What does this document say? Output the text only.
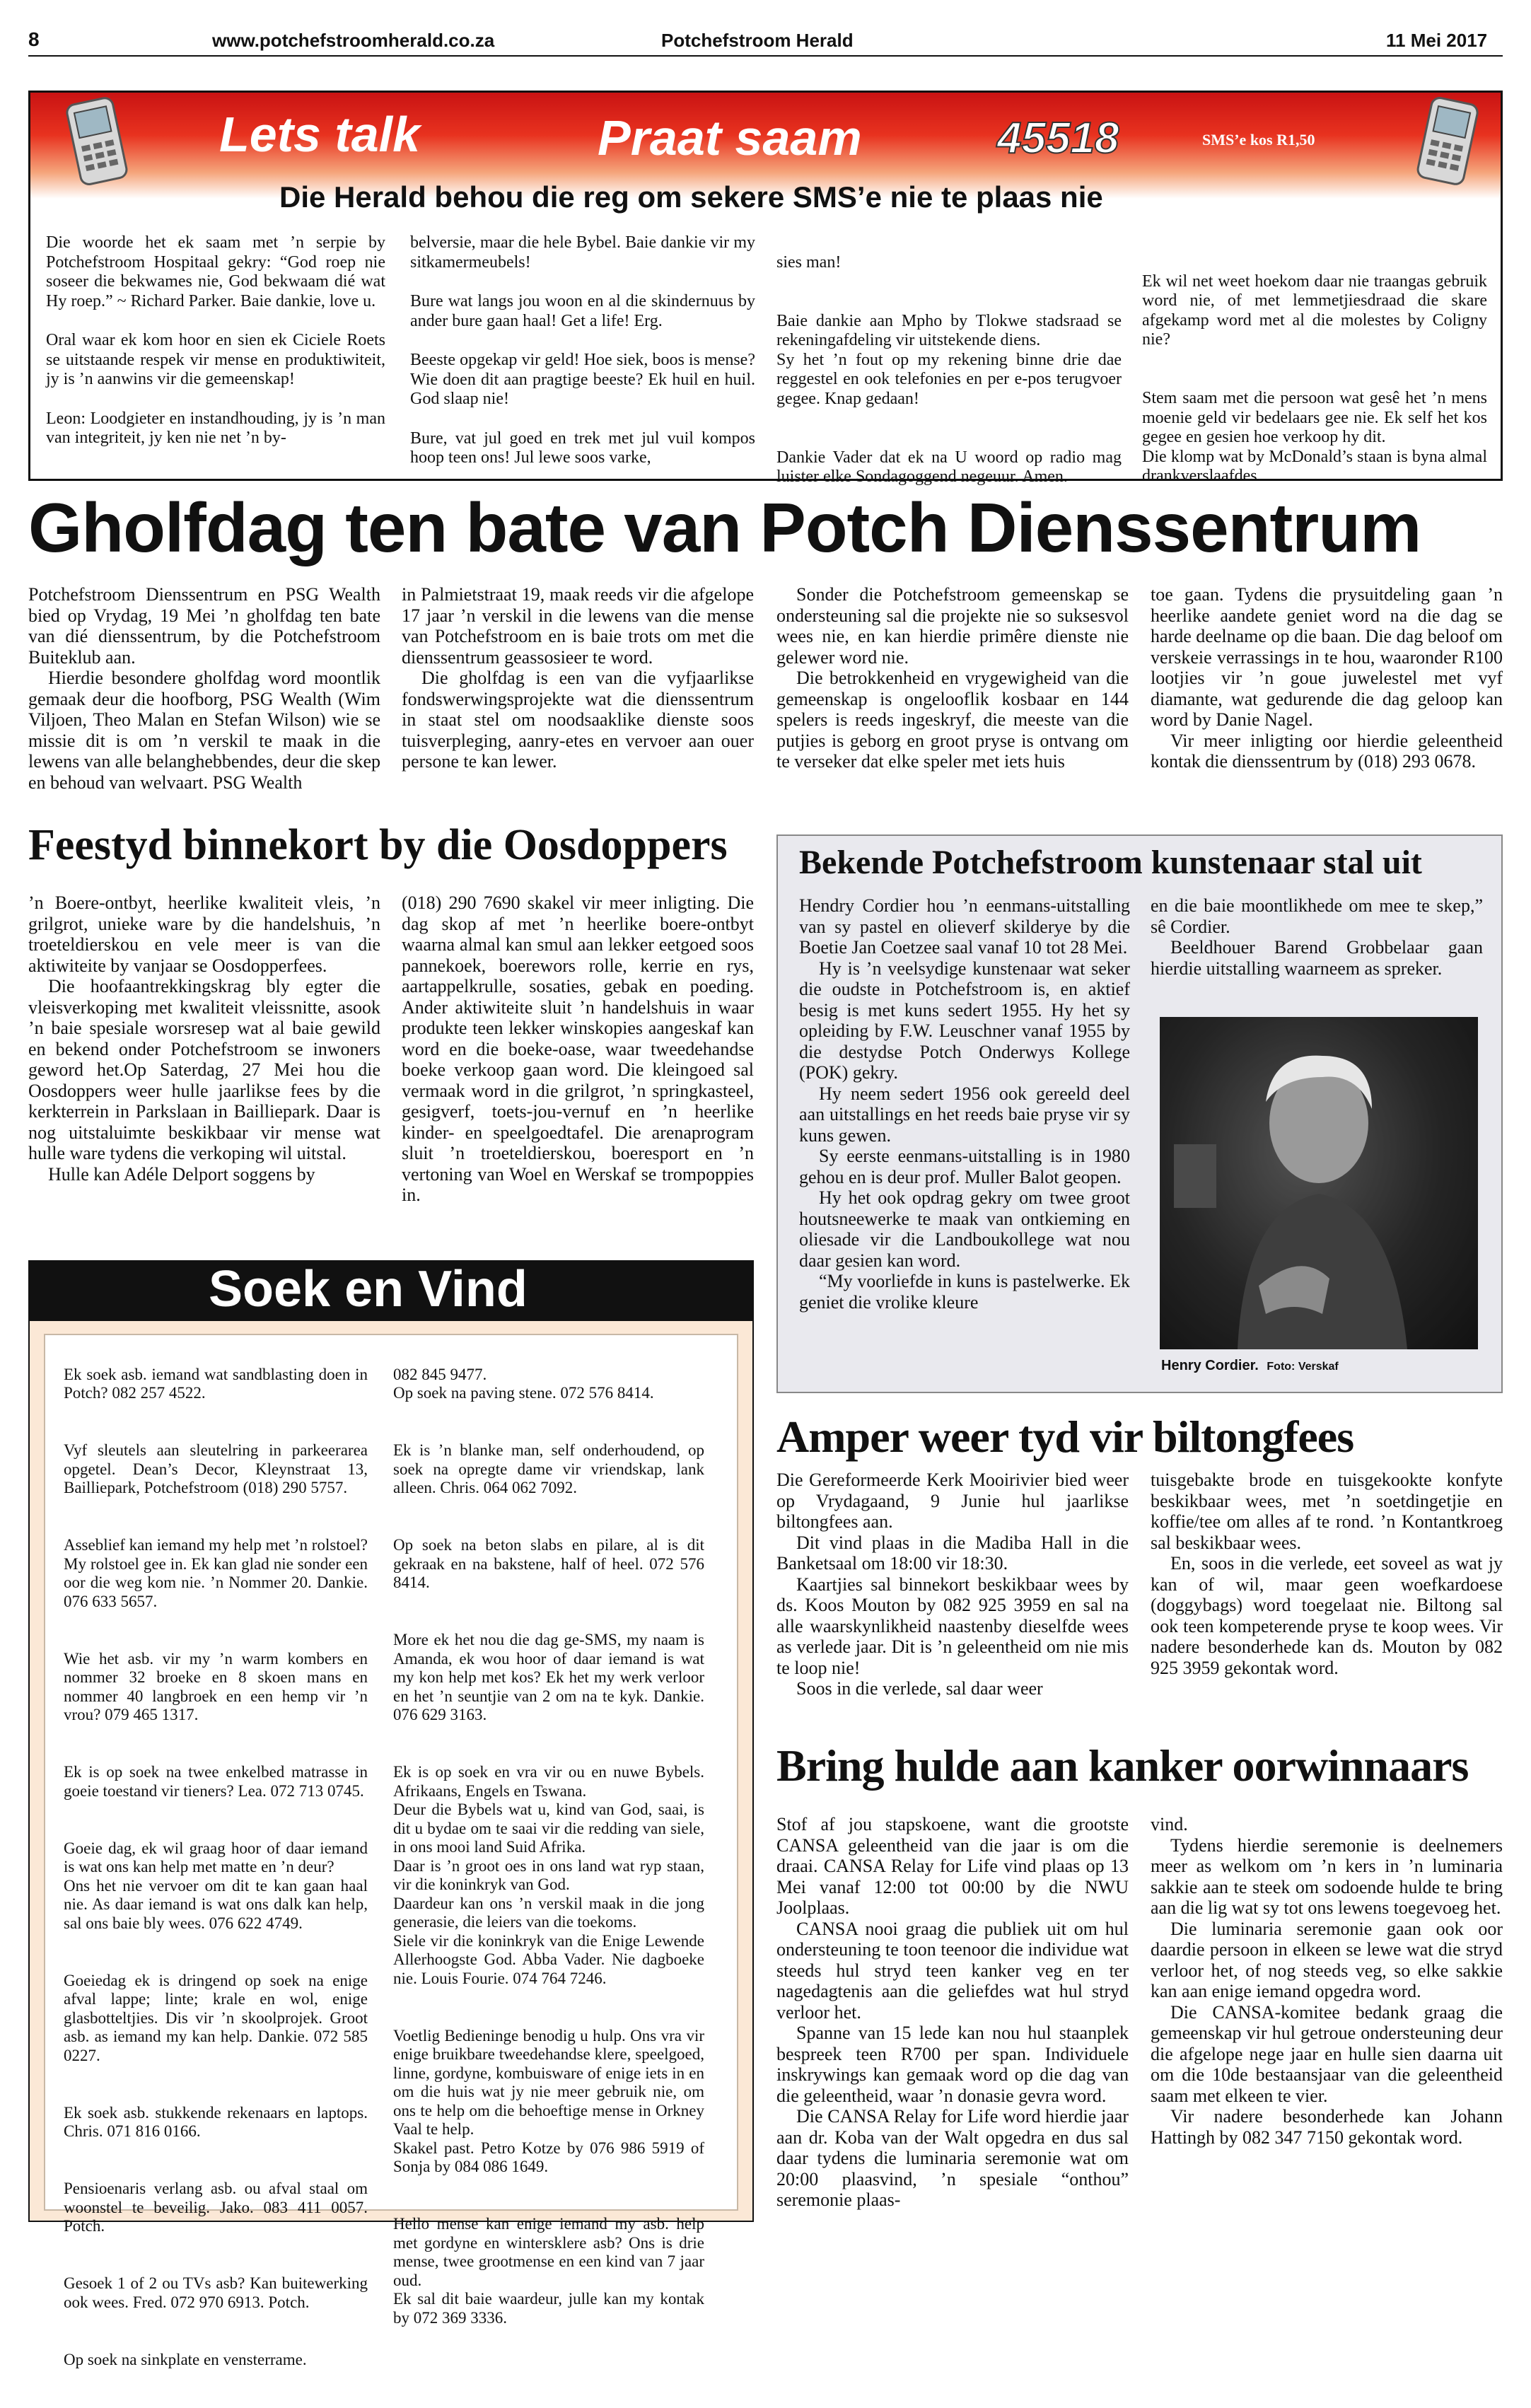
8	www.potchefstroomherald.co.za	Potchefstroom Herald	11 Mei 2017
Lets talk	Praat saam	45518	SMS’e kos R1,50
Die Herald behou die reg om sekere SMS’e nie te plaas nie

Die woorde het ek saam met ’n serpie by Potchefstroom Hospitaal gekry: “God roep nie soseer die bekwames nie, God bekwaam dié wat Hy roep.” ~ Richard Parker. Baie dankie, love u.

Oral waar ek kom hoor en sien ek Ciciele Roets se uitstaande respek vir mense en produktiwiteit, jy is ’n aanwins vir die gemeenskap!

Leon: Loodgieter en instandhouding, jy is ’n man van integriteit, jy ken nie net ’n by-

belversie, maar die hele Bybel. Baie dankie vir my sitkamermeubels!

Bure wat langs jou woon en al die skindernuus by ander bure gaan haal! Get a life! Erg.

Beeste opgekap vir geld! Hoe siek, boos is mense? Wie doen dit aan pragtige beeste? Ek huil en huil. God slaap nie!

Bure, vat jul goed en trek met jul vuil kompos hoop teen ons! Jul lewe soos varke,

sies man!

Baie dankie aan Mpho by Tlokwe stadsraad se rekeningafdeling vir uitstekende diens.
Sy het ’n fout op my rekening binne drie dae reggestel en ook telefonies en per e-pos terugvoer gegee. Knap gedaan!

Dankie Vader dat ek na U woord op radio mag luister elke Sondagoggend negeuur. Amen.

Ek wil net weet hoekom daar nie traangas gebruik word nie, of met lemmetjiesdraad die skare afgekamp word met al die molestes by Coligny nie?

Stem saam met die persoon wat gesê het ’n mens moenie geld vir bedelaars gee nie. Ek self het kos gegee en gesien hoe verkoop hy dit.
Die klomp wat by McDonald’s staan is byna almal drankverslaafdes.

Gholfdag ten bate van Potch Dienssentrum

Potchefstroom Dienssentrum en PSG Wealth bied op Vrydag, 19 Mei ’n gholfdag ten bate van dié dienssentrum, by die Potchefstroom Buiteklub aan.

Hierdie besondere gholfdag word moontlik gemaak deur die hoofborg, PSG Wealth (Wim Viljoen, Theo Malan en Stefan Wilson) wie se missie dit is om ’n verskil te maak in die lewens van alle belanghebbendes, deur die skep en behoud van welvaart. PSG Wealth

in Palmietstraat 19, maak reeds vir die afgelope 17 jaar ’n verskil in die lewens van die mense van Potchefstroom en is baie trots om met die dienssentrum geassosieer te word.

Die gholfdag is een van die vyfjaarlikse fondswerwingsprojekte wat die dienssentrum in staat stel om noodsaaklike dienste soos tuisverpleging, aanry-etes en vervoer aan ouer persone te kan lewer.

Sonder die Potchefstroom gemeenskap se ondersteuning sal die projekte nie so suksesvol wees nie, en kan hierdie primêre dienste nie gelewer word nie.

Die betrokkenheid en vrygewigheid van die gemeenskap is ongelooflik kosbaar en 144 spelers is reeds ingeskryf, die meeste van die putjies is geborg en groot pryse is ontvang om te verseker dat elke speler met iets huis

toe gaan. Tydens die prysuitdeling gaan ’n heerlike aandete geniet word na die dag se harde deelname op die baan. Die dag beloof om verskeie verrassings in te hou, waaronder R100 lootjies vir ’n goue juwelestel met vyf diamante, wat gedurende die dag geloop kan word by Danie Nagel.

Vir meer inligting oor hierdie geleentheid kontak die dienssentrum by (018) 293 0678.

Feestyd binnekort by die Oosdoppers

’n Boere-ontbyt, heerlike kwaliteit vleis, ’n grilgrot, unieke ware by die handelshuis, ’n troeteldierskou en vele meer is van die aktiwiteite by vanjaar se Oosdopperfees.

Die hoofaantrekkingskrag bly egter die vleisverkoping met kwaliteit vleissnitte, asook ’n baie spesiale worsresep wat al baie gewild en bekend onder Potchefstroom se inwoners geword het.Op Saterdag, 27 Mei hou die Oosdoppers weer hulle jaarlikse fees by die kerkterrein in Parkslaan in Bailliepark. Daar is nog uitstaluimte beskikbaar vir mense wat hulle ware tydens die verkoping wil uitstal.

Hulle kan Adéle Delport soggens by

(018) 290 7690 skakel vir meer inligting. Die dag skop af met ’n heerlike boere-ontbyt waarna almal kan smul aan lekker eetgoed soos pannekoek, boerewors rolle, kerrie en rys, aartappelkrulle, sosaties, gebak en poeding. Ander aktiwiteite sluit ’n handelshuis in waar produkte teen lekker winskopies aangeskaf kan word en die boeke-oase, waar tweedehandse boeke verkoop gaan word. Die kleingoed sal vermaak word in die grilgrot, ’n springkasteel, gesigverf, toets-jou-vernuf en ’n heerlike kinder- en speelgoedtafel. Die arenaprogram sluit ’n troeteldierskou, boeresport en ’n vertoning van Woel en Werskaf se trompoppies in.

Bekende Potchefstroom kunstenaar stal uit

Hendry Cordier hou ’n eenmans-uitstalling van sy pastel en olieverf skilderye by die Boetie Jan Coetzee saal vanaf 10 tot 28 Mei.

Hy is ’n veelsydige kunstenaar wat seker die oudste in Potchefstroom is, en aktief besig is met kuns sedert 1955. Hy het sy opleiding by F.W. Leuschner vanaf 1955 by die destydse Potch Onderwys Kollege (POK) gekry.

Hy neem sedert 1956 ook gereeld deel aan uitstallings en het reeds baie pryse vir sy kuns gewen.

Sy eerste eenmans-uitstalling is in 1980 gehou en is deur prof. Muller Balot geopen.

Hy het ook opdrag gekry om twee groot houtsneewerke te maak van ontkieming en oliesade vir die Landboukollege wat nou daar gesien kan word.

“My voorliefde in kuns is pastelwerke. Ek geniet die vrolike kleure

en die baie moontlikhede om mee te skep,” sê Cordier.

Beeldhouer Barend Grobbelaar gaan hierdie uitstalling waarneem as spreker.

Henry Cordier. Foto: Verskaf
Soek en Vind

Ek soek asb. iemand wat sandblasting doen in Potch? 082 257 4522.

Vyf sleutels aan sleutelring in parkeerarea opgetel. Dean’s Decor, Kleynstraat 13, Bailliepark, Potchefstroom (018) 290 5757.

Asseblief kan iemand my help met ’n rolstoel? My rolstoel gee in. Ek kan glad nie sonder een oor die weg kom nie. ’n Nommer 20. Dankie. 076 633 5657.

Wie het asb. vir my ’n warm kombers en nommer 32 broeke en 8 skoen mans en nommer 40 langbroek en een hemp vir ’n vrou? 079 465 1317.

Ek is op soek na twee enkelbed matrasse in goeie toestand vir tieners? Lea. 072 713 0745.

Goeie dag, ek wil graag hoor of daar iemand is wat ons kan help met matte en ’n deur?
Ons het nie vervoer om dit te kan gaan haal nie. As daar iemand is wat ons dalk kan help, sal ons baie bly wees. 076 622 4749.

Goeiedag ek is dringend op soek na enige afval lappe; linte; krale en wol, enige glasbotteltjies. Dis vir ’n skoolprojek. Groot asb. as iemand my kan help. Dankie. 072 585 0227.

Ek soek asb. stukkende rekenaars en laptops. Chris. 071 816 0166.

Pensioenaris verlang asb. ou afval staal om woonstel te beveilig. Jako. 083 411 0057. Potch.

Gesoek 1 of 2 ou TVs asb? Kan buitewerking ook wees. Fred. 072 970 6913. Potch.

Op soek na sinkplate en vensterrame.

082 845 9477.
Op soek na paving stene. 072 576 8414.

Ek is ’n blanke man, self onderhoudend, op soek na opregte dame vir vriendskap, lank alleen. Chris. 064 062 7092.

Op soek na beton slabs en pilare, al is dit gekraak en na bakstene, half of heel. 072 576 8414.

More ek het nou die dag ge-SMS, my naam is Amanda, ek wou hoor of daar iemand is wat my kon help met kos? Ek het my werk verloor en het ’n seuntjie van 2 om na te kyk. Dankie. 076 629 3163.

Ek is op soek en vra vir ou en nuwe Bybels. Afrikaans, Engels en Tswana.
Deur die Bybels wat u, kind van God, saai, is dit u bydae om te saai vir die redding van siele, in ons mooi land Suid Afrika.
Daar is ’n groot oes in ons land wat ryp staan, vir die koninkryk van God.
Daardeur kan ons ’n verskil maak in die jong generasie, die leiers van die toekoms.
Siele vir die koninkryk van die Enige Lewende Allerhoogste God. Abba Vader. Nie dagboeke nie. Louis Fourie. 074 764 7246.

Voetlig Bedieninge benodig u hulp. Ons vra vir enige bruikbare tweedehandse klere, speelgoed, linne, gordyne, kombuisware of enige iets in en om die huis wat jy nie meer gebruik nie, om ons te help om die behoeftige mense in Orkney Vaal te help.
Skakel past. Petro Kotze by 076 986 5919 of Sonja by 084 086 1649.

Hello mense kan enige iemand my asb. help met gordyne en wintersklere asb? Ons is drie mense, twee grootmense en een kind van 7 jaar oud.
Ek sal dit baie waardeur, julle kan my kontak by 072 369 3336.

Amper weer tyd vir biltongfees

Die Gereformeerde Kerk Mooirivier bied weer op Vrydagaand, 9 Junie hul jaarlikse biltongfees aan.

Dit vind plaas in die Madiba Hall in die Banketsaal om 18:00 vir 18:30.

Kaartjies sal binnekort beskikbaar wees by ds. Koos Mouton by 082 925 3959 en sal na alle waarskynlikheid naastenby dieselfde wees as verlede jaar. Dit is ’n geleentheid om nie mis te loop nie!

Soos in die verlede, sal daar weer

tuisgebakte brode en tuisgekookte konfyte beskikbaar wees, met ’n soetdingetjie en koffie/tee om alles af te rond. ’n Kontantkroeg sal beskikbaar wees.

En, soos in die verlede, eet soveel as wat jy kan of wil, maar geen woefkardoese (doggybags) word toegelaat nie. Biltong sal ook teen kompeterende pryse te koop wees. Vir nadere besonderhede kan ds. Mouton by 082 925 3959 gekontak word.

Bring hulde aan kanker oorwinnaars

Stof af jou stapskoene, want die grootste CANSA geleentheid van die jaar is om die draai. CANSA Relay for Life vind plaas op 13 Mei vanaf 12:00 tot 00:00 by die NWU Joolplaas.

CANSA nooi graag die publiek uit om hul ondersteuning te toon teenoor die individue wat steeds hul stryd teen kanker veg en ter nagedagtenis aan die geliefdes wat hul stryd verloor het.

Spanne van 15 lede kan nou hul staanplek bespreek teen R700 per span. Individuele inskrywings kan gemaak word op die dag van die geleentheid, waar ’n donasie gevra word.

Die CANSA Relay for Life word hierdie jaar aan dr. Koba van der Walt opgedra en dus sal daar tydens die luminaria seremonie wat om 20:00 plaasvind, ’n spesiale “onthou” seremonie plaas-

vind.

Tydens hierdie seremonie is deelnemers meer as welkom om ’n kers in ’n luminaria sakkie aan te steek om sodoende hulde te bring aan die lig wat sy tot ons lewens toegevoeg het.

Die luminaria seremonie gaan ook oor daardie persoon in elkeen se lewe wat die stryd verloor het, of nog steeds veg, so elke sakkie kan aan enige iemand opgedra word.

Die CANSA-komitee bedank graag die gemeenskap vir hul getroue ondersteuning deur die afgelope nege jaar en hulle sien daarna uit om die 10de bestaansjaar van die geleentheid saam met elkeen te vier.

Vir nadere besonderhede kan Johann Hattingh by 082 347 7150 gekontak word.
